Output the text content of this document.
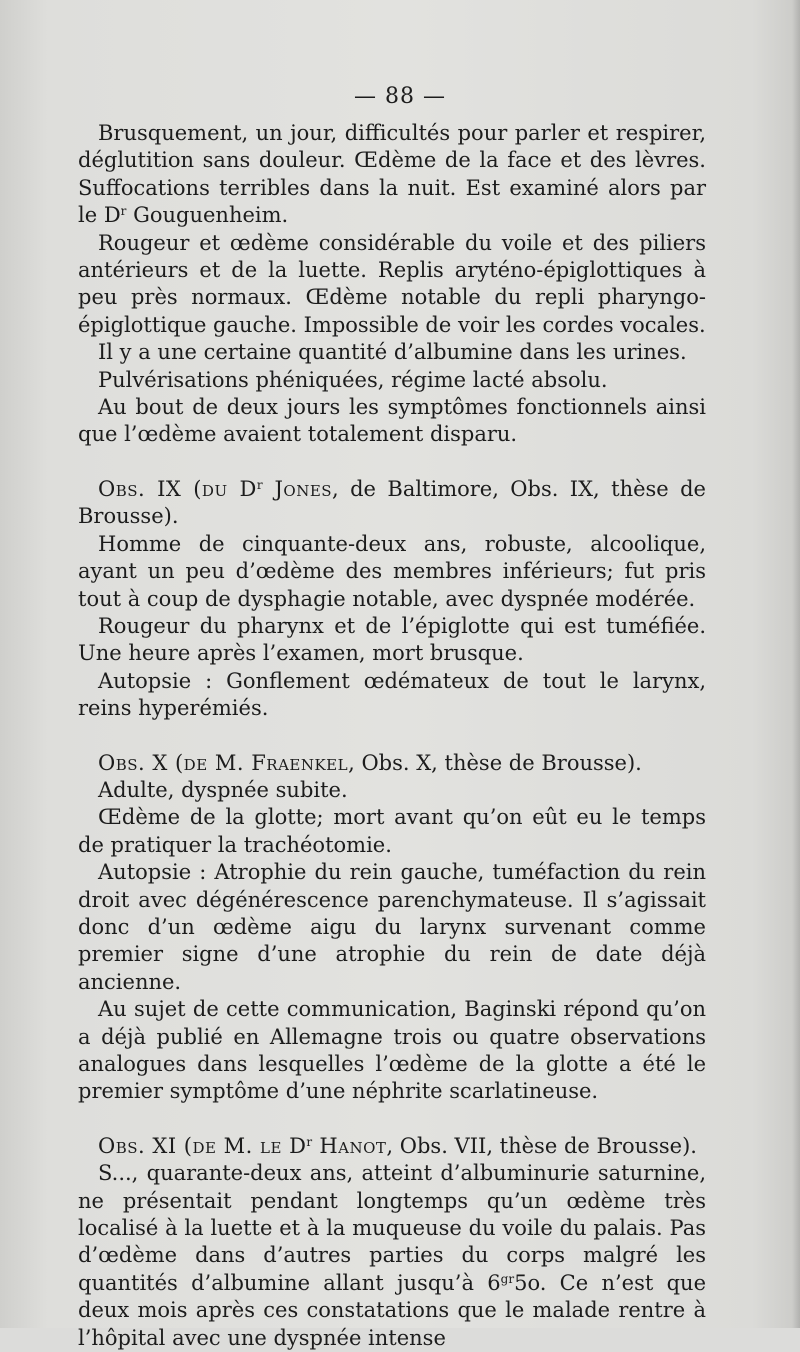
— 88 —

Brusquement, un jour, difficultés pour parler et respirer, déglutition sans douleur. Œdème de la face et des lèvres. Suffocations terribles dans la nuit. Est examiné alors par le $D^r$ Gouguenheim.

Rougeur et œdème considérable du voile et des piliers antérieurs et de la luette. Replis aryténo-épiglottiques à peu près normaux. Œdème notable du repli pharyngo-épiglottique gauche. Impossible de voir les cordes vocales.

Il y a une certaine quantité d’albumine dans les urines.

Pulvérisations phéniquées, régime lacté absolu.

Au bout de deux jours les symptômes fonctionnels ainsi que l’œdème avaient totalement disparu.

Obs. IX (du $D^r$ Jones, de Baltimore, Obs. IX, thèse de Brousse).

Homme de cinquante-deux ans, robuste, alcoolique, ayant un peu d’œdème des membres inférieurs; fut pris tout à coup de dysphagie notable, avec dyspnée modérée.

Rougeur du pharynx et de l’épiglotte qui est tuméfiée. Une heure après l’examen, mort brusque.

Autopsie : Gonflement œdémateux de tout le larynx, reins hyperémiés.

Obs. X (de M. Fraenkel, Obs. X, thèse de Brousse).

Adulte, dyspnée subite.

Œdème de la glotte; mort avant qu’on eût eu le temps de pratiquer la trachéotomie.

Autopsie : Atrophie du rein gauche, tuméfaction du rein droit avec dégénérescence parenchymateuse. Il s’agissait donc d’un œdème aigu du larynx survenant comme premier signe d’une atrophie du rein de date déjà ancienne.

Au sujet de cette communication, Baginski répond qu’on a déjà publié en Allemagne trois ou quatre observations analogues dans lesquelles l’œdème de la glotte a été le premier symptôme d’une néphrite scarlatineuse.

Obs. XI (de M. le $D^r$ Hanot, Obs. VII, thèse de Brousse).

S..., quarante-deux ans, atteint d’albuminurie saturnine, ne présentait pendant longtemps qu’un œdème très localisé à la luette et à la muqueuse du voile du palais. Pas d’œdème dans d’autres parties du corps malgré les quantités d’albumine allant jusqu’à $6^{gr}5o$. Ce n’est que deux mois après ces constatations que le malade rentre à l’hôpital avec une dyspnée intense
